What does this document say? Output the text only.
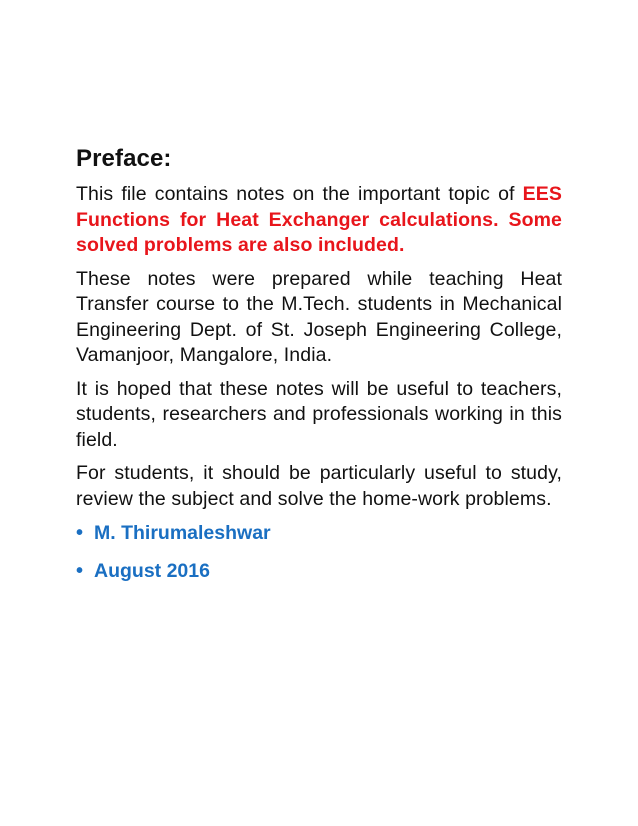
Preface:

This file contains notes on the important topic of EES Functions for Heat Exchanger calculations. Some solved problems are also included.

These notes were prepared while teaching Heat Transfer course to the M.Tech. students in Mechanical Engineering Dept. of St. Joseph Engineering College, Vamanjoor, Mangalore, India.

It is hoped that these notes will be useful to teachers, students, researchers and professionals working in this field.

For students, it should be particularly useful to study, review the subject and solve the home-work problems.

• M. Thirumaleshwar
• August 2016
